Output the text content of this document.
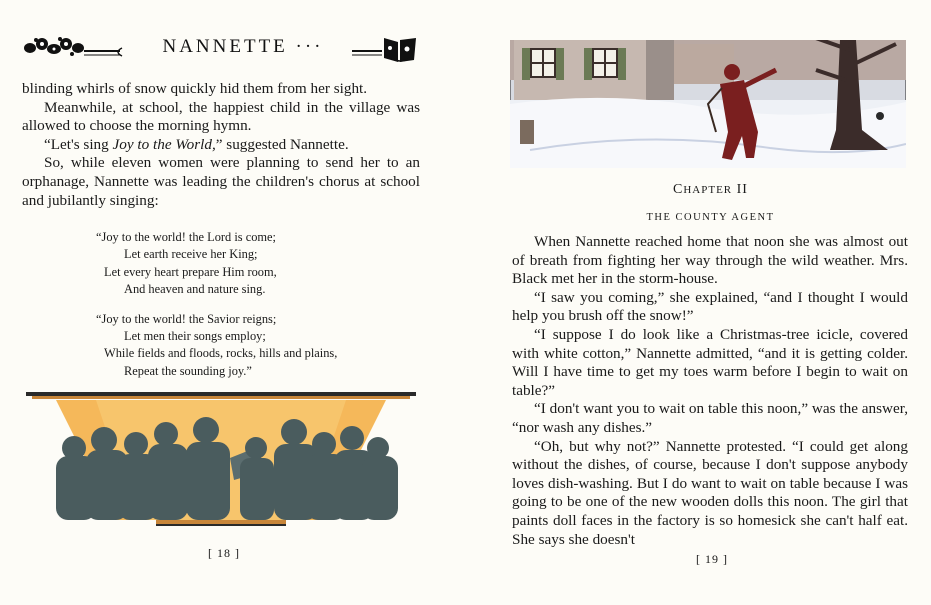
NANNETTE ···

blinding whirls of snow quickly hid them from her sight.

Meanwhile, at school, the happiest child in the village was allowed to choose the morning hymn.

“Let's sing Joy to the World,” suggested Nannette.

So, while eleven women were planning to send her to an orphanage, Nannette was leading the children's chorus at school and jubilantly singing:

“Joy to the world! the Lord is come;
Let earth receive her King;
Let every heart prepare Him room,
And heaven and nature sing.
“Joy to the world! the Savior reigns;
Let men their songs employ;
While fields and floods, rocks, hills and plains,
Repeat the sounding joy.”
[ 18 ]
CHAPTER II
THE COUNTY AGENT

When Nannette reached home that noon she was almost out of breath from fighting her way through the wild weather. Mrs. Black met her in the storm-house.

“I saw you coming,” she explained, “and I thought I would help you brush off the snow!”

“I suppose I do look like a Christmas-tree icicle, covered with white cotton,” Nannette admitted, “and it is getting colder. Will I have time to get my toes warm before I begin to wait on table?”

“I don't want you to wait on table this noon,” was the answer, “nor wash any dishes.”

“Oh, but why not?” Nannette protested. “I could get along without the dishes, of course, because I don't suppose anybody loves dish-washing. But I do want to wait on table because I was going to be one of the new wooden dolls this noon. The girl that paints doll faces in the factory is so homesick she can't half eat. She says she doesn't

[ 19 ]
